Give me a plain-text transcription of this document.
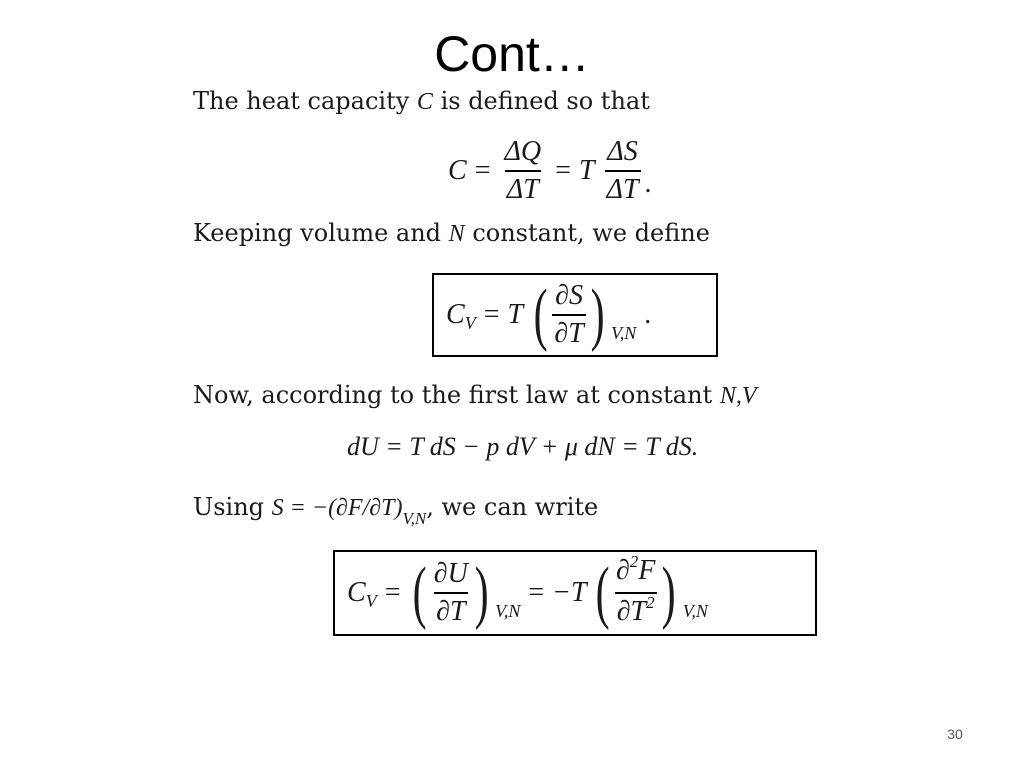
Cont…
The heat capacity C is defined so that
$C = \frac{\Delta Q}{\Delta T} = T \frac{\Delta S}{\Delta T}$ .
Keeping volume and N constant, we define
C V = T ( $\frac{\partial S}{\partial T}$ ) V,N
.
Now, according to the first law at constant N,V
dU = T dS − p dV + μ dN = T dS.
Using $S = -(\partial F/\partial T)_{V,N}$, we can write
C V = ( $\frac{\partial U}{\partial T}$ ) V,N
= −T ( $\frac{\partial^2F}{\partial T^2}$ ) V,N
30
